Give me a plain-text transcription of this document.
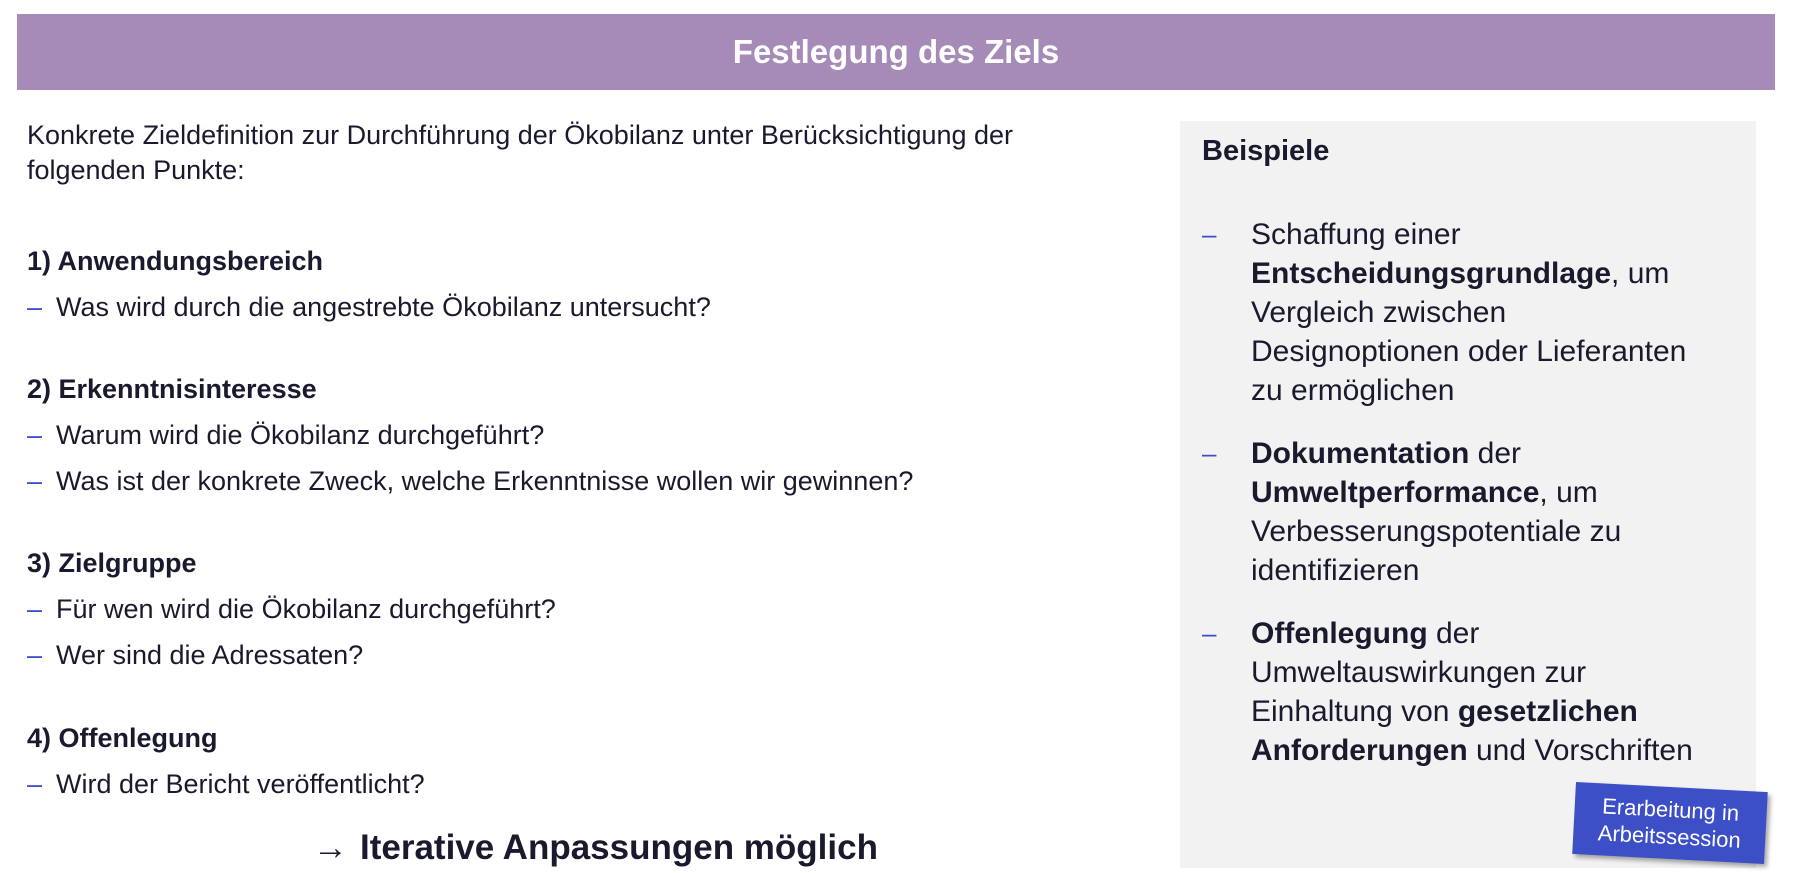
Festlegung des Ziels

Konkrete Zieldefinition zur Durchführung der Ökobilanz unter Berücksichtigung der
folgenden Punkte:

1) Anwendungsbereich
– Was wird durch die angestrebte Ökobilanz untersucht?
2) Erkenntnisinteresse
– Warum wird die Ökobilanz durchgeführt?
– Was ist der konkrete Zweck, welche Erkenntnisse wollen wir gewinnen?
3) Zielgruppe
– Für wen wird die Ökobilanz durchgeführt?
– Wer sind die Adressaten?
4) Offenlegung
– Wird der Bericht veröffentlicht?
→ Iterative Anpassungen möglich
Beispiele
–	Schaffung einer
Entscheidungsgrundlage, um
Vergleich zwischen
Designoptionen oder Lieferanten
zu ermöglichen
–	Dokumentation der
Umweltperformance, um
Verbesserungspotentiale zu
identifizieren
–	Offenlegung der
Umweltauswirkungen zur
Einhaltung von gesetzlichen
Anforderungen und Vorschriften
Erarbeitung in
Arbeitssession
